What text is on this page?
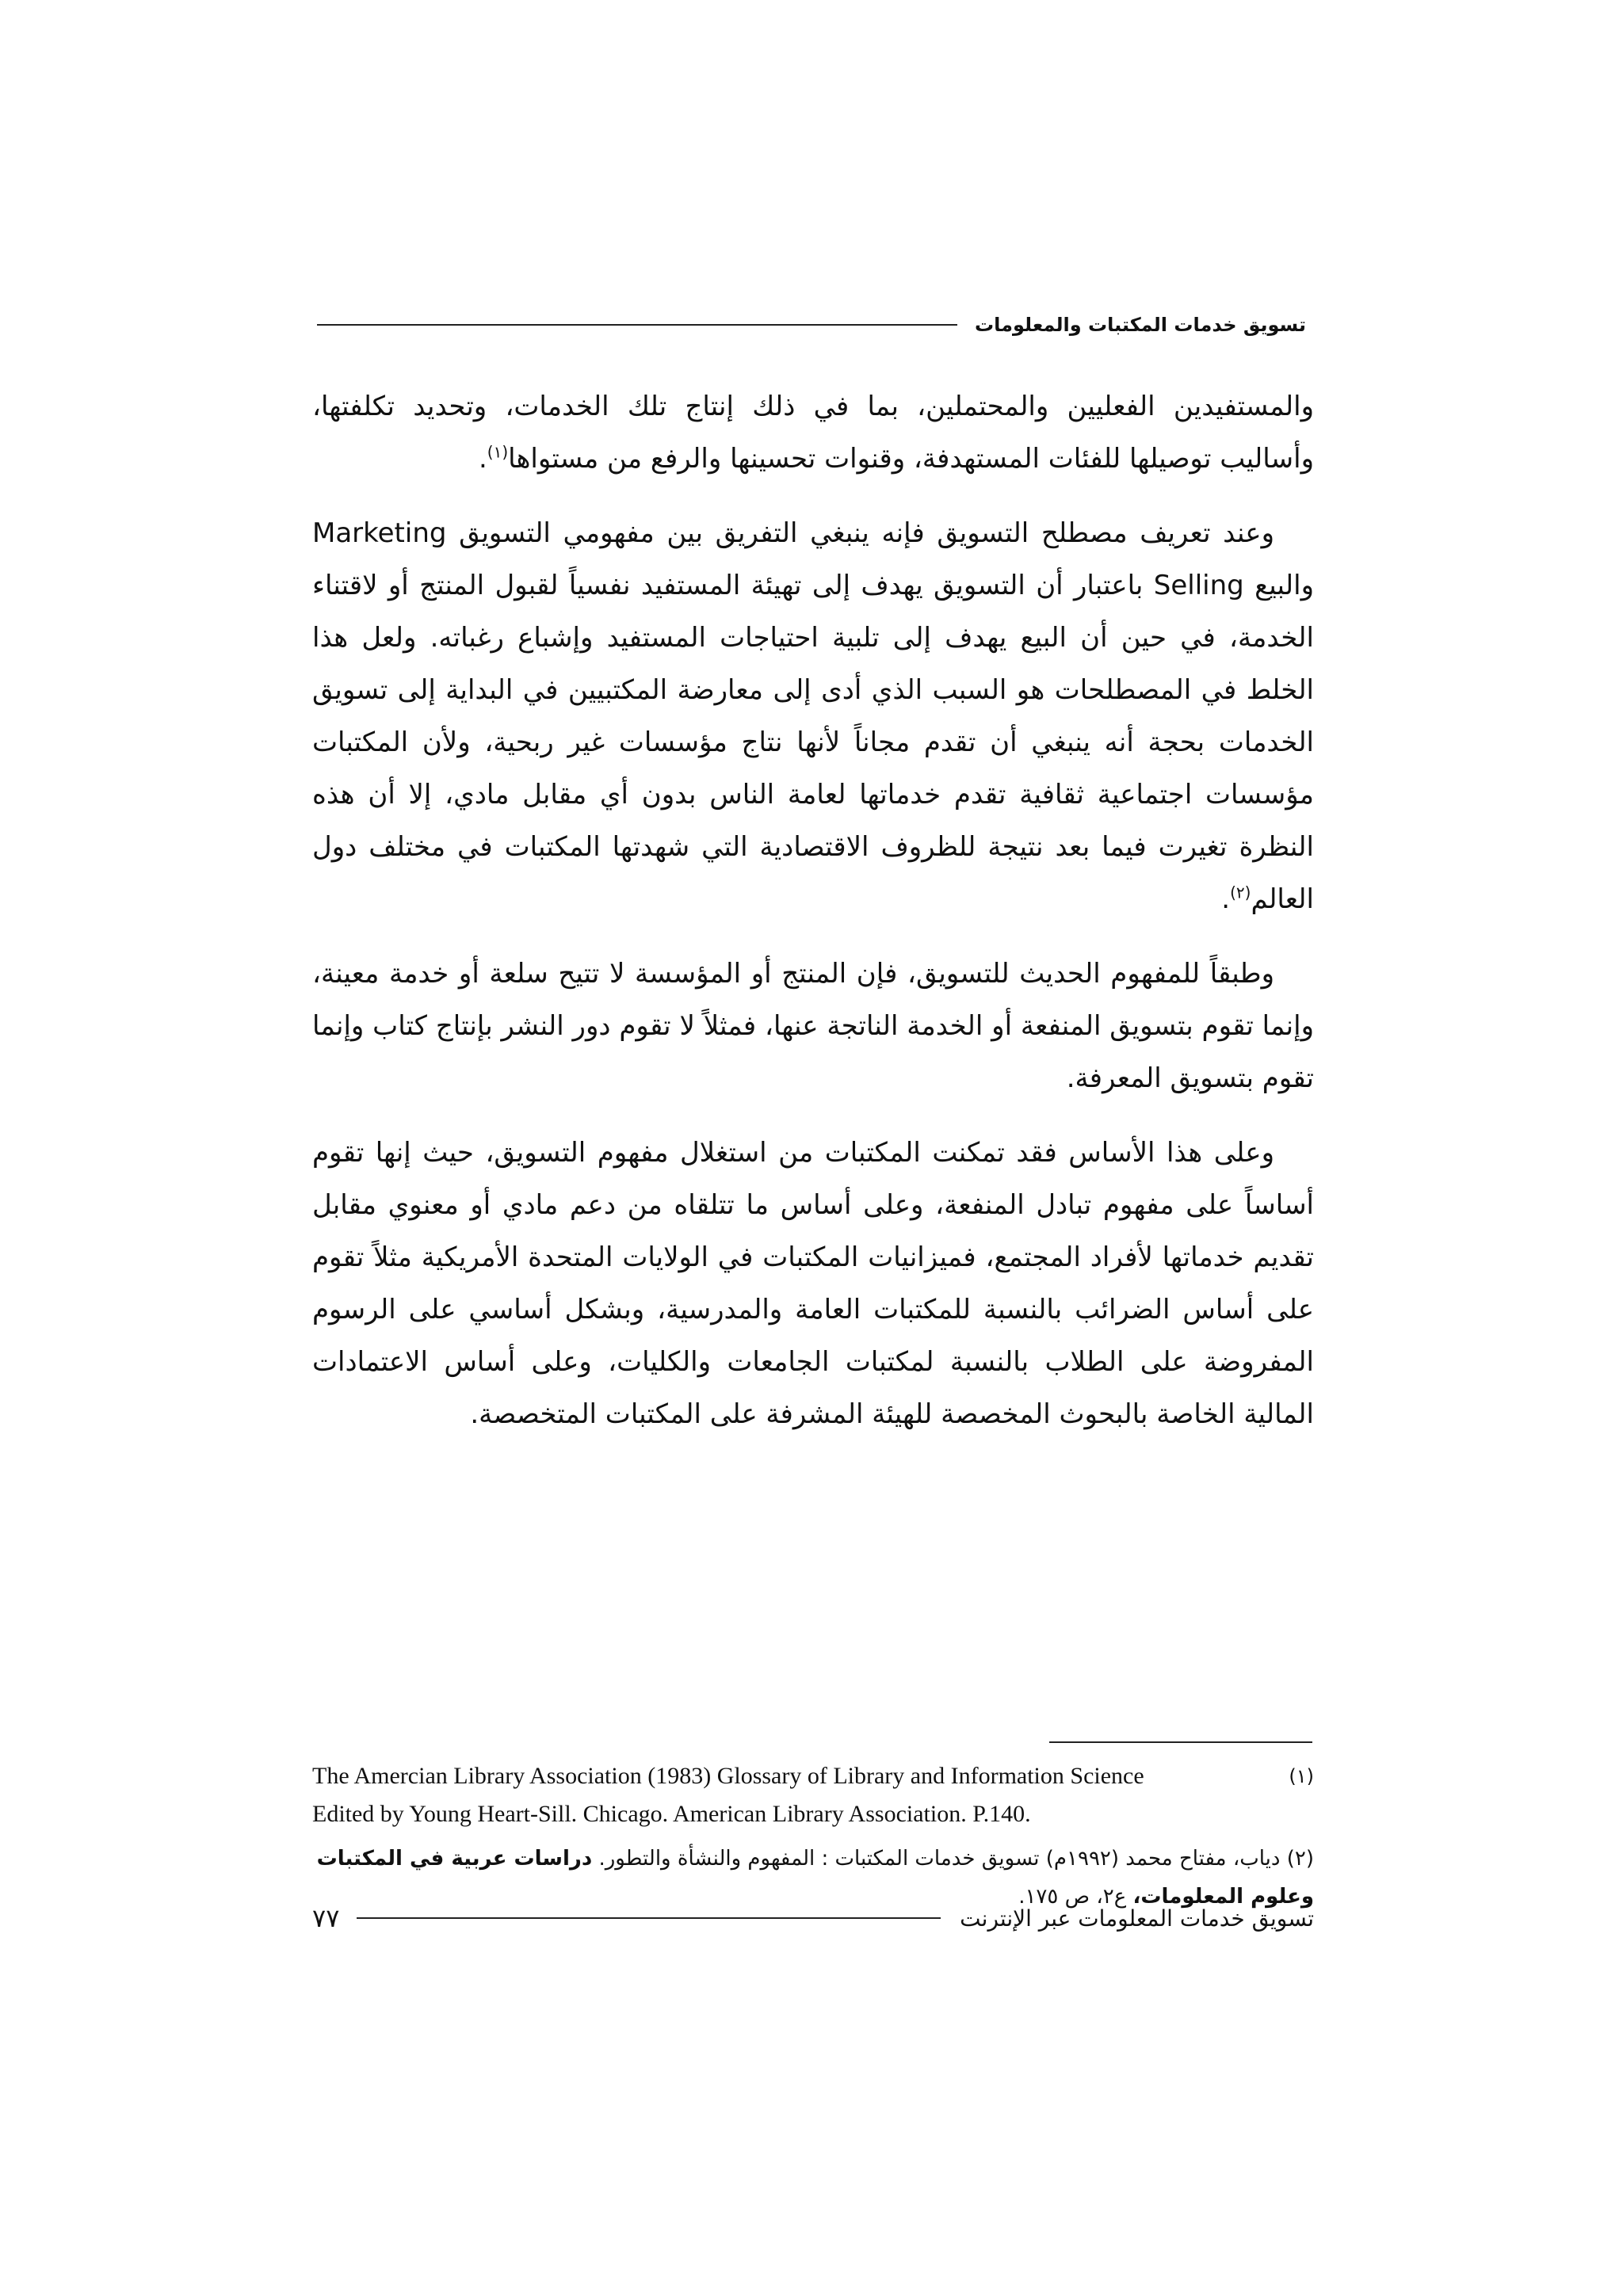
تسويق خدمات المكتبات والمعلومات

والمستفيدين الفعليين والمحتملين، بما في ذلك إنتاج تلك الخدمات، وتحديد تكلفتها، وأساليب توصيلها للفئات المستهدفة، وقنوات تحسينها والرفع من مستواها$^{(١)}$.

وعند تعريف مصطلح التسويق فإنه ينبغي التفريق بين مفهومي التسويق Marketing والبيع Selling باعتبار أن التسويق يهدف إلى تهيئة المستفيد نفسياً لقبول المنتج أو لاقتناء الخدمة، في حين أن البيع يهدف إلى تلبية احتياجات المستفيد وإشباع رغباته. ولعل هذا الخلط في المصطلحات هو السبب الذي أدى إلى معارضة المكتبيين في البداية إلى تسويق الخدمات بحجة أنه ينبغي أن تقدم مجاناً لأنها نتاج مؤسسات غير ربحية، ولأن المكتبات مؤسسات اجتماعية ثقافية تقدم خدماتها لعامة الناس بدون أي مقابل مادي، إلا أن هذه النظرة تغيرت فيما بعد نتيجة للظروف الاقتصادية التي شهدتها المكتبات في مختلف دول العالم$^{(٢)}$.

وطبقاً للمفهوم الحديث للتسويق، فإن المنتج أو المؤسسة لا تتيح سلعة أو خدمة معينة، وإنما تقوم بتسويق المنفعة أو الخدمة الناتجة عنها، فمثلاً لا تقوم دور النشر بإنتاج كتاب وإنما تقوم بتسويق المعرفة.

وعلى هذا الأساس فقد تمكنت المكتبات من استغلال مفهوم التسويق، حيث إنها تقوم أساساً على مفهوم تبادل المنفعة، وعلى أساس ما تتلقاه من دعم مادي أو معنوي مقابل تقديم خدماتها لأفراد المجتمع، فميزانيات المكتبات في الولايات المتحدة الأمريكية مثلاً تقوم على أساس الضرائب بالنسبة للمكتبات العامة والمدرسية، وبشكل أساسي على الرسوم المفروضة على الطلاب بالنسبة لمكتبات الجامعات والكليات، وعلى أساس الاعتمادات المالية الخاصة بالبحوث المخصصة للهيئة المشرفة على المكتبات المتخصصة.

(١)
The Amercian Library Association (1983) Glossary of Library and Information Science
Edited by Young Heart-Sill. Chicago. American Library Association. P.140.
(٢) دياب، مفتاح محمد (١٩٩٢م) تسويق خدمات المكتبات : المفهوم والنشأة والتطور. دراسات عربية في المكتبات وعلوم المعلومات، ع٢، ص ١٧٥.
تسويق خدمات المعلومات عبر الإنترنت
٧٧
